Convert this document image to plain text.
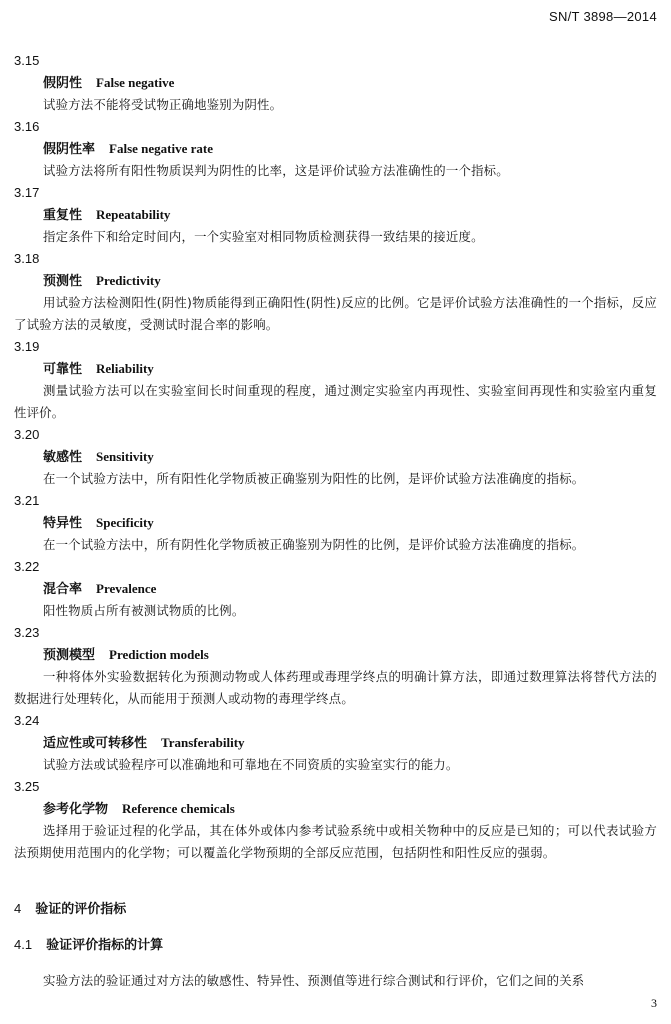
SN/T 3898—2014
3.15
假阴性 False negative
试验方法不能将受试物正确地鉴别为阴性。
3.16
假阴性率 False negative rate
试验方法将所有阳性物质误判为阴性的比率，这是评价试验方法准确性的一个指标。
3.17
重复性 Repeatability
指定条件下和给定时间内，一个实验室对相同物质检测获得一致结果的接近度。
3.18
预测性 Predictivity
用试验方法检测阳性(阴性)物质能得到正确阳性(阴性)反应的比例。它是评价试验方法准确性的一个指标，反应了试验方法的灵敏度，受测试时混合率的影响。
3.19
可靠性 Reliability
测量试验方法可以在实验室间长时间重现的程度，通过测定实验室内再现性、实验室间再现性和实验室内重复性评价。
3.20
敏感性 Sensitivity
在一个试验方法中，所有阳性化学物质被正确鉴别为阳性的比例，是评价试验方法准确度的指标。
3.21
特异性 Specificity
在一个试验方法中，所有阴性化学物质被正确鉴别为阴性的比例，是评价试验方法准确度的指标。
3.22
混合率 Prevalence
阳性物质占所有被测试物质的比例。
3.23
预测模型 Prediction models
一种将体外实验数据转化为预测动物或人体药理或毒理学终点的明确计算方法，即通过数理算法将替代方法的数据进行处理转化，从而能用于预测人或动物的毒理学终点。
3.24
适应性或可转移性 Transferability
试验方法或试验程序可以准确地和可靠地在不同资质的实验室实行的能力。
3.25
参考化学物 Reference chemicals
选择用于验证过程的化学品，其在体外或体内参考试验系统中或相关物种中的反应是已知的；可以代表试验方法预期使用范围内的化学物；可以覆盖化学物预期的全部反应范围，包括阴性和阳性反应的强弱。
4 验证的评价指标
4.1 验证评价指标的计算
实验方法的验证通过对方法的敏感性、特异性、预测值等进行综合测试和行评价，它们之间的关系
3
